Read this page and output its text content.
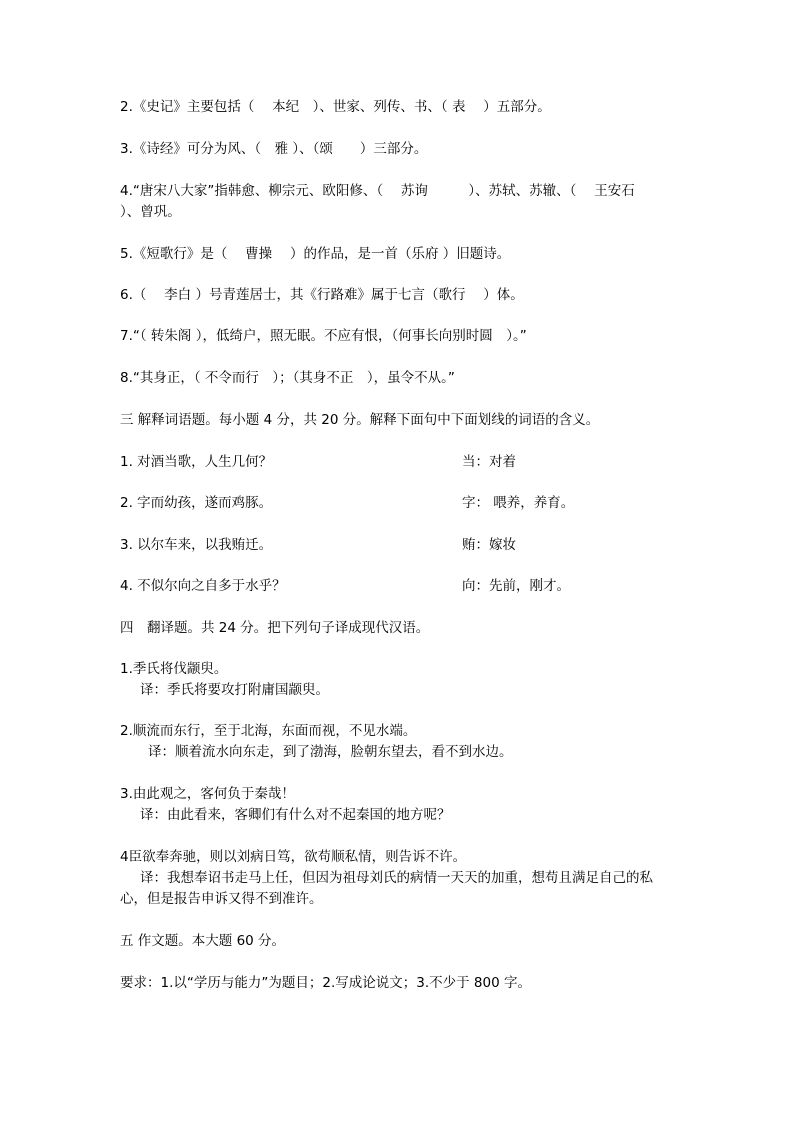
2.《史记》主要包括（　 本纪　）、世家、列传、书、（ 表　 ）五部分。
3.《诗经》可分为风、（　雅 ）、（颂　　）三部分。
4.“唐宋八大家”指韩愈、柳宗元、欧阳修、（　 苏询　　　）、苏轼、苏辙、（　 王安石
）、曾巩。
5.《短歌行》是（　 曹操　 ）的作品，是一首（乐府 ）旧题诗。
6.（　 李白 ）号青莲居士，其《行路难》属于七言（歌行　 ）体。
7.“（ 转朱阁 ），低绮户，照无眠。不应有恨，（何事长向别时圆　）。”
8.“其身正，（ 不令而行　）；（其身不正　），虽令不从。”
三 解释词语题。每小题 4 分，共 20 分。解释下面句中下面划线的词语的含义。
1. 对酒当歌，人生几何？	当：对着
2. 字而幼孩，遂而鸡豚。	字： 喂养，养育。
3. 以尔车来，以我贿迁。	贿：嫁妆
4. 不似尔向之自多于水乎？	向：先前，刚才。
四　翻译题。共 24 分。把下列句子译成现代汉语。
1.季氏将伐颛臾。
译：季氏将要攻打附庸国颛臾。
2.顺流而东行，至于北海，东面而视，不见水端。
译：顺着流水向东走，到了渤海，脸朝东望去，看不到水边。
3.由此观之，客何负于秦哉！
译：由此看来，客卿们有什么对不起秦国的地方呢？
4臣欲奉奔驰，则以刘病日笃，欲苟顺私情，则告诉不许。
译：我想奉诏书走马上任，但因为祖母刘氏的病情一天天的加重，想苟且满足自己的私
心，但是报告申诉又得不到准许。
五 作文题。本大题 60 分。
要求：1.以“学历与能力”为题目；2.写成论说文；3.不少于 800 字。
